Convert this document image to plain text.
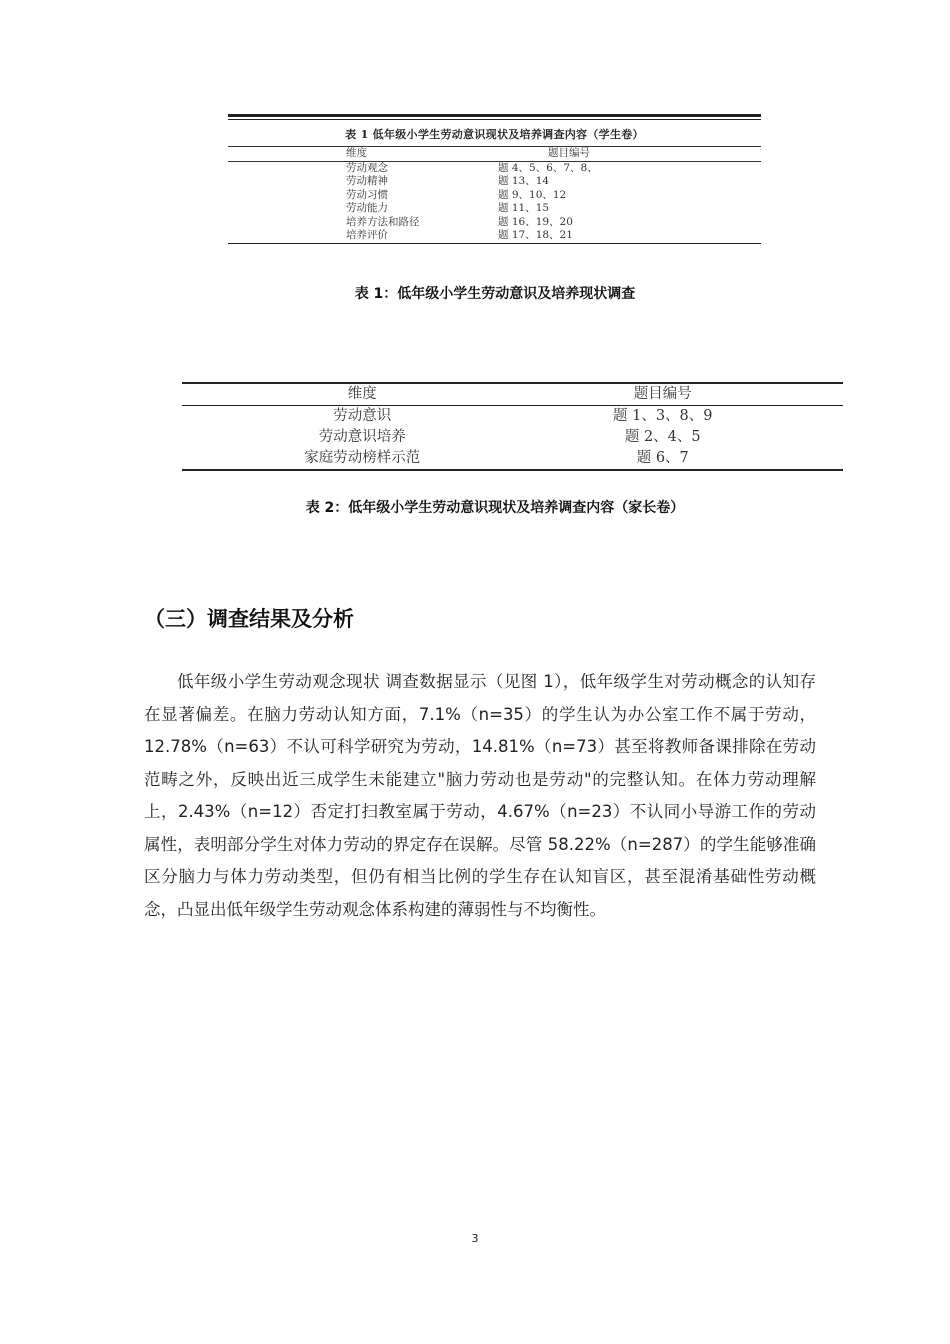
表 1 低年级小学生劳动意识现状及培养调查内容（学生卷）
维度	题目编号
劳动观念	题 4、5、6、7、8、
劳动精神	题 13、14
劳动习惯	题 9、10、12
劳动能力	题 11、15
培养方法和路径	题 16、19、20
培养评价	题 17、18、21
表 1：低年级小学生劳动意识及培养现状调查
维度	题目编号
劳动意识	题 1、3、8、9
劳动意识培养	题 2、4、5
家庭劳动榜样示范	题 6、7
表 2：低年级小学生劳动意识现状及培养调查内容（家长卷）
（三）调查结果及分析

低年级小学生劳动观念现状 调查数据显示（见图 1），低年级学生对劳动概念的认知存在显著偏差。在脑力劳动认知方面，7.1%（n=35）的学生认为办公室工作不属于劳动，12.78%（n=63）不认可科学研究为劳动，14.81%（n=73）甚至将教师备课排除在劳动范畴之外，反映出近三成学生未能建立"脑力劳动也是劳动"的完整认知。在体力劳动理解上，2.43%（n=12）否定打扫教室属于劳动，4.67%（n=23）不认同小导游工作的劳动属性，表明部分学生对体力劳动的界定存在误解。尽管 58.22%（n=287）的学生能够准确区分脑力与体力劳动类型，但仍有相当比例的学生存在认知盲区，甚至混淆基础性劳动概念，凸显出低年级学生劳动观念体系构建的薄弱性与不均衡性。

3
